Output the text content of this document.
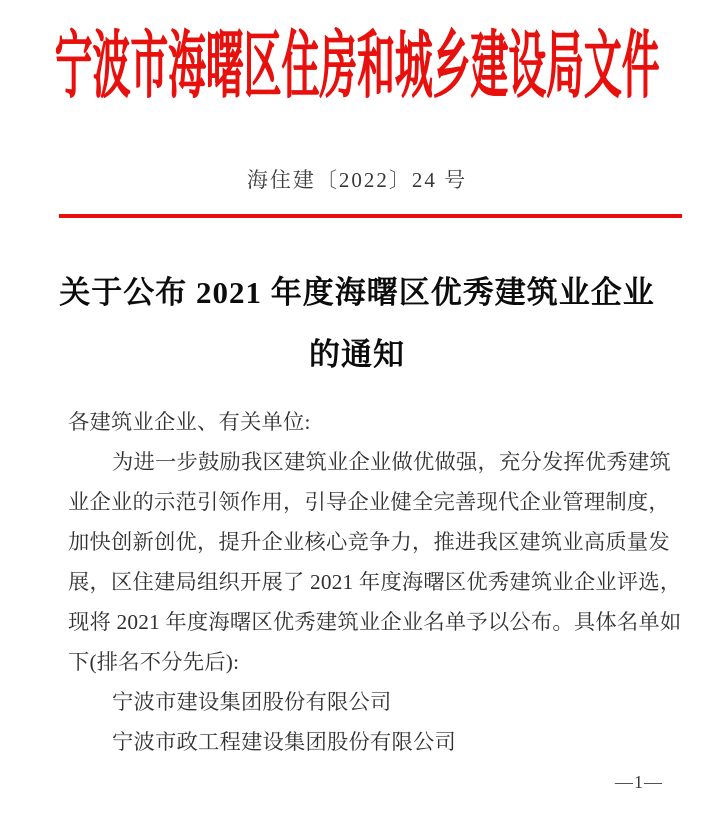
宁波市海曙区住房和城乡建设局文件
海住建〔2022〕24 号
关于公布 2021 年度海曙区优秀建筑业企业
的通知
各建筑业企业、有关单位:
为进一步鼓励我区建筑业企业做优做强，充分发挥优秀建筑
业企业的示范引领作用，引导企业健全完善现代企业管理制度，
加快创新创优，提升企业核心竞争力，推进我区建筑业高质量发
展，区住建局组织开展了 2021 年度海曙区优秀建筑业企业评选，
现将 2021 年度海曙区优秀建筑业企业名单予以公布。具体名单如
下(排名不分先后):
宁波市建设集团股份有限公司
宁波市政工程建设集团股份有限公司
—1—
